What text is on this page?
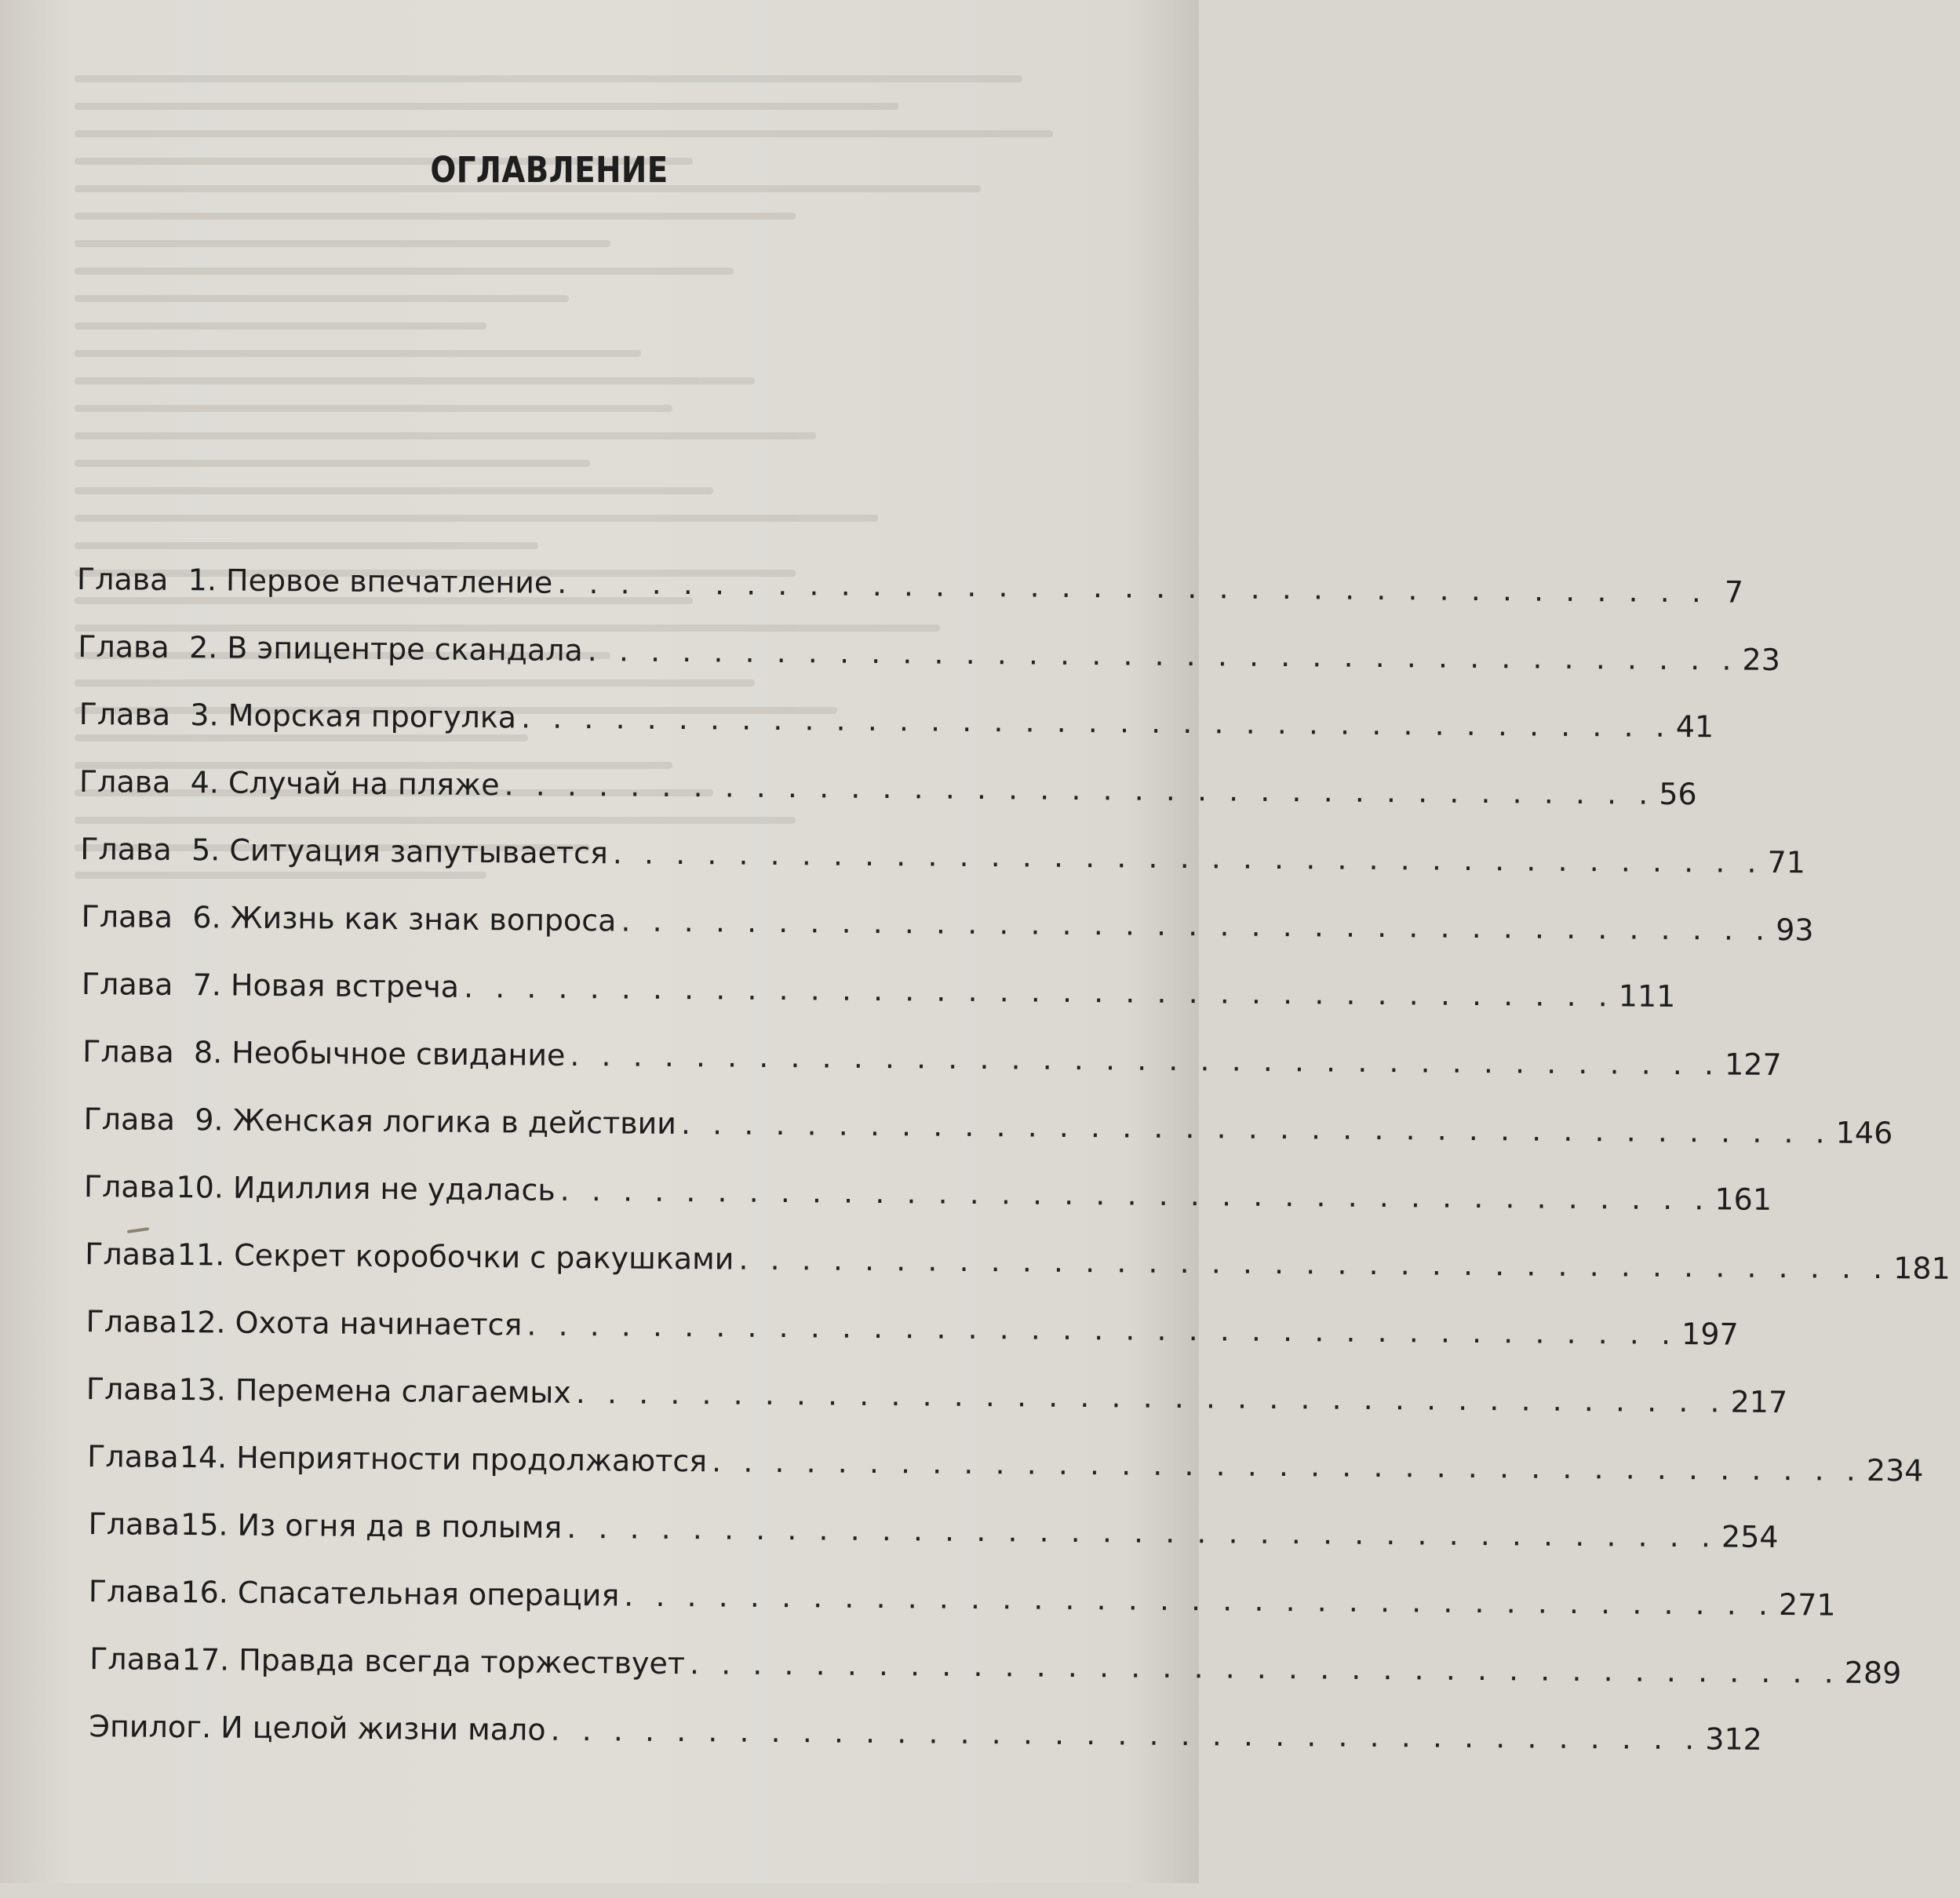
ОГЛАВЛЕНИЕ
Глава 1. Первое впечатление . . . . . . . . . . . . . . . . . . . . . . . . . . . . . . . . . . . . . 7
Глава 2. В эпицентре скандала . . . . . . . . . . . . . . . . . . . . . . . . . . . . . . . . . . . . . 23
Глава 3. Морская прогулка . . . . . . . . . . . . . . . . . . . . . . . . . . . . . . . . . . . . . 41
Глава 4. Случай на пляже . . . . . . . . . . . . . . . . . . . . . . . . . . . . . . . . . . . . . 56
Глава 5. Ситуация запутывается . . . . . . . . . . . . . . . . . . . . . . . . . . . . . . . . . . . . . 71
Глава 6. Жизнь как знак вопроса . . . . . . . . . . . . . . . . . . . . . . . . . . . . . . . . . . . . . 93
Глава 7. Новая встреча . . . . . . . . . . . . . . . . . . . . . . . . . . . . . . . . . . . . . 111
Глава 8. Необычное свидание . . . . . . . . . . . . . . . . . . . . . . . . . . . . . . . . . . . . . 127
Глава 9. Женская логика в действии . . . . . . . . . . . . . . . . . . . . . . . . . . . . . . . . . . . . . 146
Глава 10. Идиллия не удалась . . . . . . . . . . . . . . . . . . . . . . . . . . . . . . . . . . . . . 161
Глава 11. Секрет коробочки с ракушками . . . . . . . . . . . . . . . . . . . . . . . . . . . . . . . . . . . . . 181
Глава 12. Охота начинается . . . . . . . . . . . . . . . . . . . . . . . . . . . . . . . . . . . . . 197
Глава 13. Перемена слагаемых . . . . . . . . . . . . . . . . . . . . . . . . . . . . . . . . . . . . . 217
Глава 14. Неприятности продолжаются . . . . . . . . . . . . . . . . . . . . . . . . . . . . . . . . . . . . . 234
Глава 15. Из огня да в полымя . . . . . . . . . . . . . . . . . . . . . . . . . . . . . . . . . . . . . 254
Глава 16. Спасательная операция . . . . . . . . . . . . . . . . . . . . . . . . . . . . . . . . . . . . . 271
Глава 17. Правда всегда торжествует . . . . . . . . . . . . . . . . . . . . . . . . . . . . . . . . . . . . . 289
Эпилог. И целой жизни мало . . . . . . . . . . . . . . . . . . . . . . . . . . . . . . . . . . . . . 312
